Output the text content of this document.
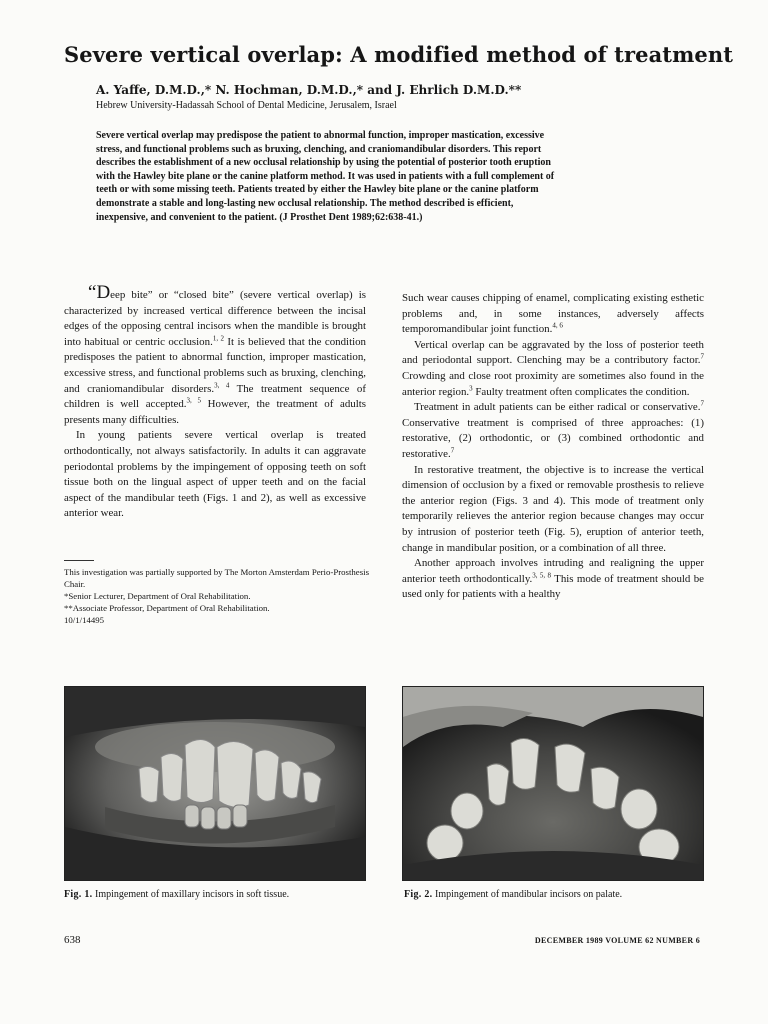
Severe vertical overlap: A modified method of treatment
A. Yaffe, D.M.D.,* N. Hochman, D.M.D.,* and J. Ehrlich D.M.D.**
Hebrew University-Hadassah School of Dental Medicine, Jerusalem, Israel
Severe vertical overlap may predispose the patient to abnormal function, improper mastication, excessive stress, and functional problems such as bruxing, clenching, and craniomandibular disorders. This report describes the establishment of a new occlusal relationship by using the potential of posterior tooth eruption with the Hawley bite plane or the canine platform method. It was used in patients with a full complement of teeth or with some missing teeth. Patients treated by either the Hawley bite plane or the canine platform demonstrate a stable and long-lasting new occlusal relationship. The method described is efficient, inexpensive, and convenient to the patient. (J Prosthet Dent 1989;62:638-41.)

“Deep bite” or “closed bite” (severe vertical overlap) is characterized by increased vertical difference between the incisal edges of the opposing central incisors when the mandible is brought into habitual or centric occlusion.$^{1, 2}$ It is believed that the condition predisposes the patient to abnormal function, improper mastication, excessive stress, and functional problems such as bruxing, clenching, and craniomandibular disorders.$^{3, 4}$ The treatment sequence of children is well accepted.$^{3, 5}$ However, the treatment of adults presents many difficulties.

In young patients severe vertical overlap is treated orthodontically, not always satisfactorily. In adults it can aggravate periodontal problems by the impingement of opposing teeth on soft tissue both on the lingual aspect of upper teeth and on the facial aspect of the mandibular teeth (Figs. 1 and 2), as well as excessive anterior wear.

This investigation was partially supported by The Morton Amsterdam Perio-Prosthesis Chair.
*Senior Lecturer, Department of Oral Rehabilitation.
**Associate Professor, Department of Oral Rehabilitation.
10/1/14495

Such wear causes chipping of enamel, complicating existing esthetic problems and, in some instances, adversely affects temporomandibular joint function.$^{4, 6}$

Vertical overlap can be aggravated by the loss of posterior teeth and periodontal support. Clenching may be a contributory factor.$^7$ Crowding and close root proximity are sometimes also found in the anterior region.$^3$ Faulty treatment often complicates the condition.

Treatment in adult patients can be either radical or conservative.$^7$ Conservative treatment is comprised of three approaches: (1) restorative, (2) orthodontic, or (3) combined orthodontic and restorative.$^7$

In restorative treatment, the objective is to increase the vertical dimension of occlusion by a fixed or removable prosthesis to relieve the anterior region (Figs. 3 and 4). This mode of treatment only temporarily relieves the anterior region because changes may occur by intrusion of posterior teeth (Fig. 5), eruption of anterior teeth, change in mandibular position, or a combination of all three.

Another approach involves intruding and realigning the upper anterior teeth orthodontically.$^{3, 5, 8}$ This mode of treatment should be used only for patients with a healthy

Fig. 1. Impingement of maxillary incisors in soft tissue.	Fig. 2. Impingement of mandibular incisors on palate.
638	DECEMBER 1989 VOLUME 62 NUMBER 6
